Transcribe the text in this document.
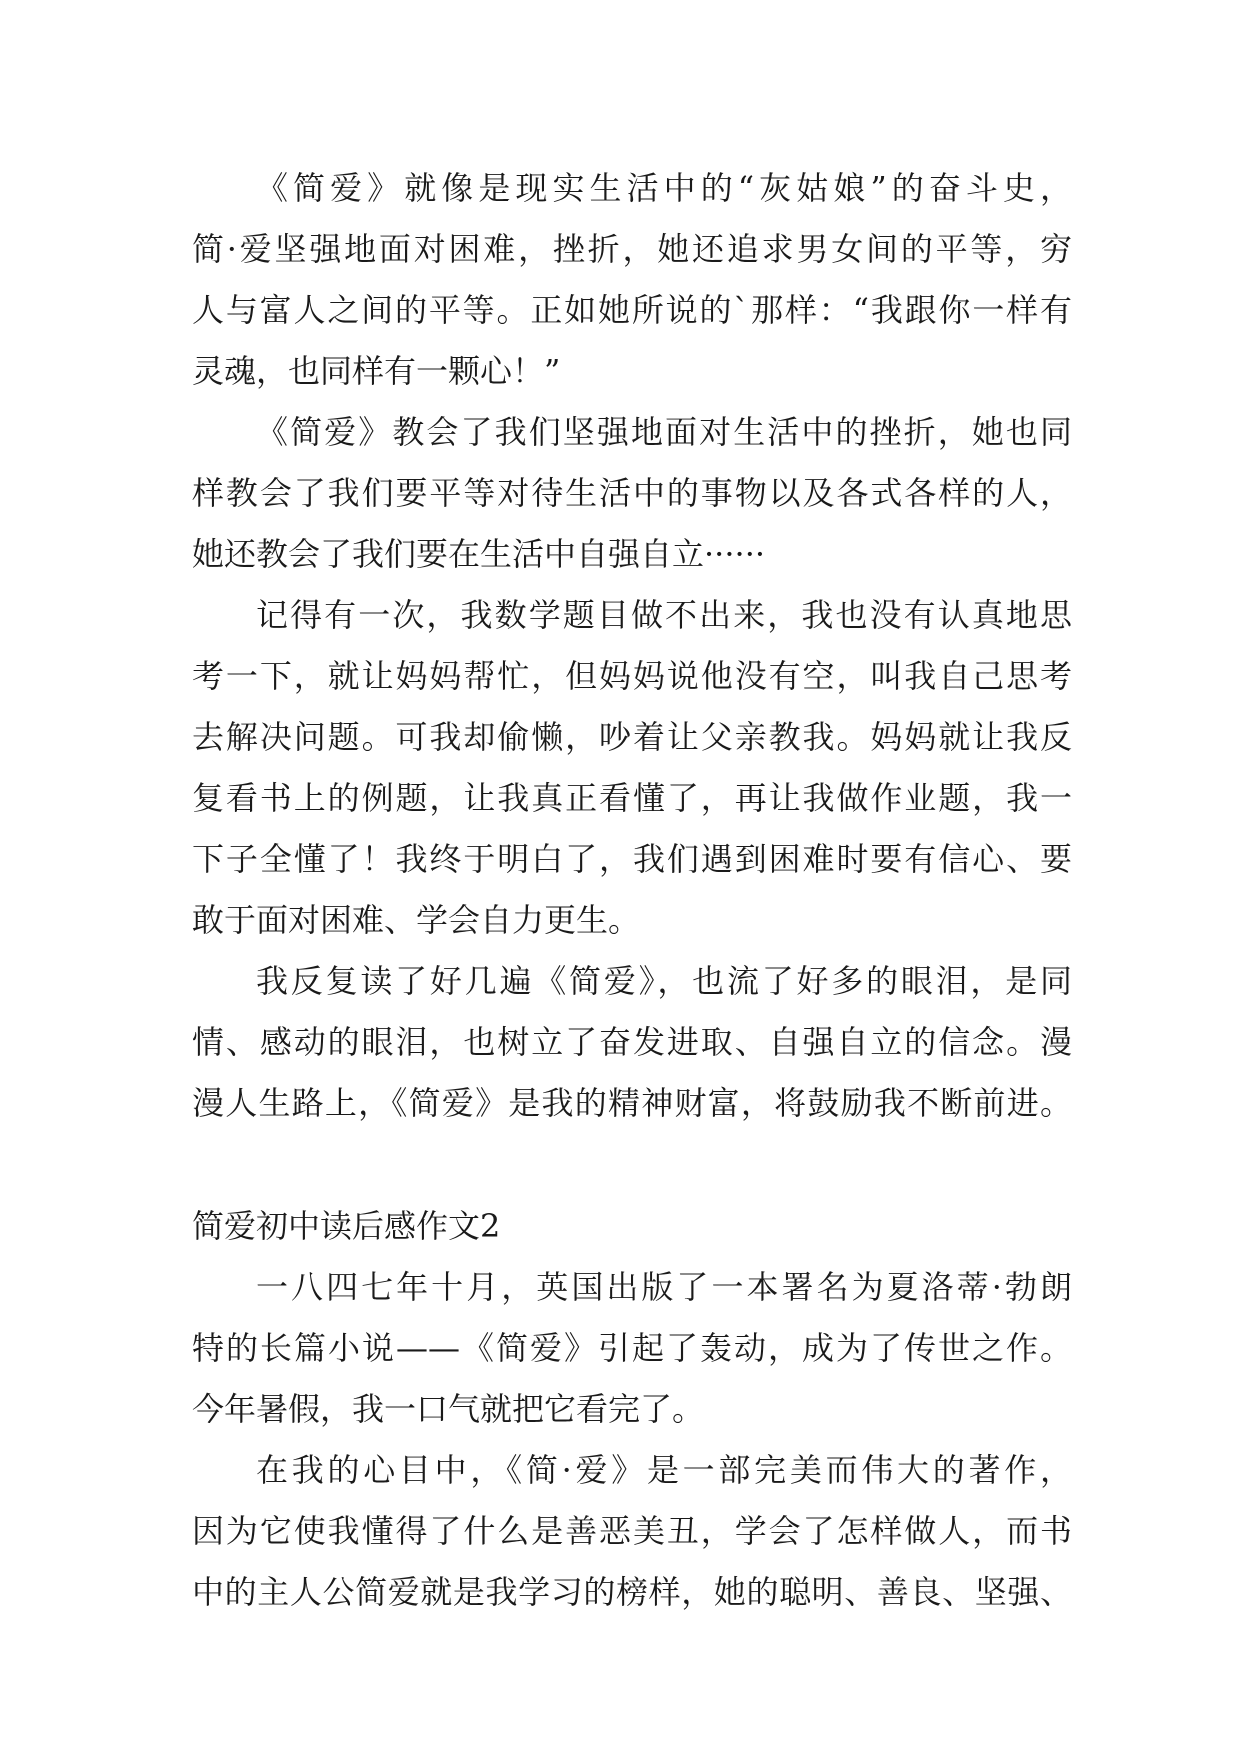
《简爱》就像是现实生活中的“灰姑娘”的奋斗史，
简·爱坚强地面对困难，挫折，她还追求男女间的平等，穷
人与富人之间的平等。正如她所说的`那样：“我跟你一样有
灵魂，也同样有一颗心！”
《简爱》教会了我们坚强地面对生活中的挫折，她也同
样教会了我们要平等对待生活中的事物以及各式各样的人，
她还教会了我们要在生活中自强自立······
记得有一次，我数学题目做不出来，我也没有认真地思
考一下，就让妈妈帮忙，但妈妈说他没有空，叫我自己思考
去解决问题。可我却偷懒，吵着让父亲教我。妈妈就让我反
复看书上的例题，让我真正看懂了，再让我做作业题，我一
下子全懂了！我终于明白了，我们遇到困难时要有信心、要
敢于面对困难、学会自力更生。
我反复读了好几遍《简爱》，也流了好多的眼泪，是同
情、感动的眼泪，也树立了奋发进取、自强自立的信念。漫
漫人生路上，《简爱》是我的精神财富，将鼓励我不断前进。
简爱初中读后感作文2
一八四七年十月，英国出版了一本署名为夏洛蒂·勃朗
特的长篇小说——《简爱》引起了轰动，成为了传世之作。
今年暑假，我一口气就把它看完了。
在我的心目中，《简·爱》是一部完美而伟大的著作，
因为它使我懂得了什么是善恶美丑，学会了怎样做人，而书
中的主人公简爱就是我学习的榜样，她的聪明、善良、坚强、
